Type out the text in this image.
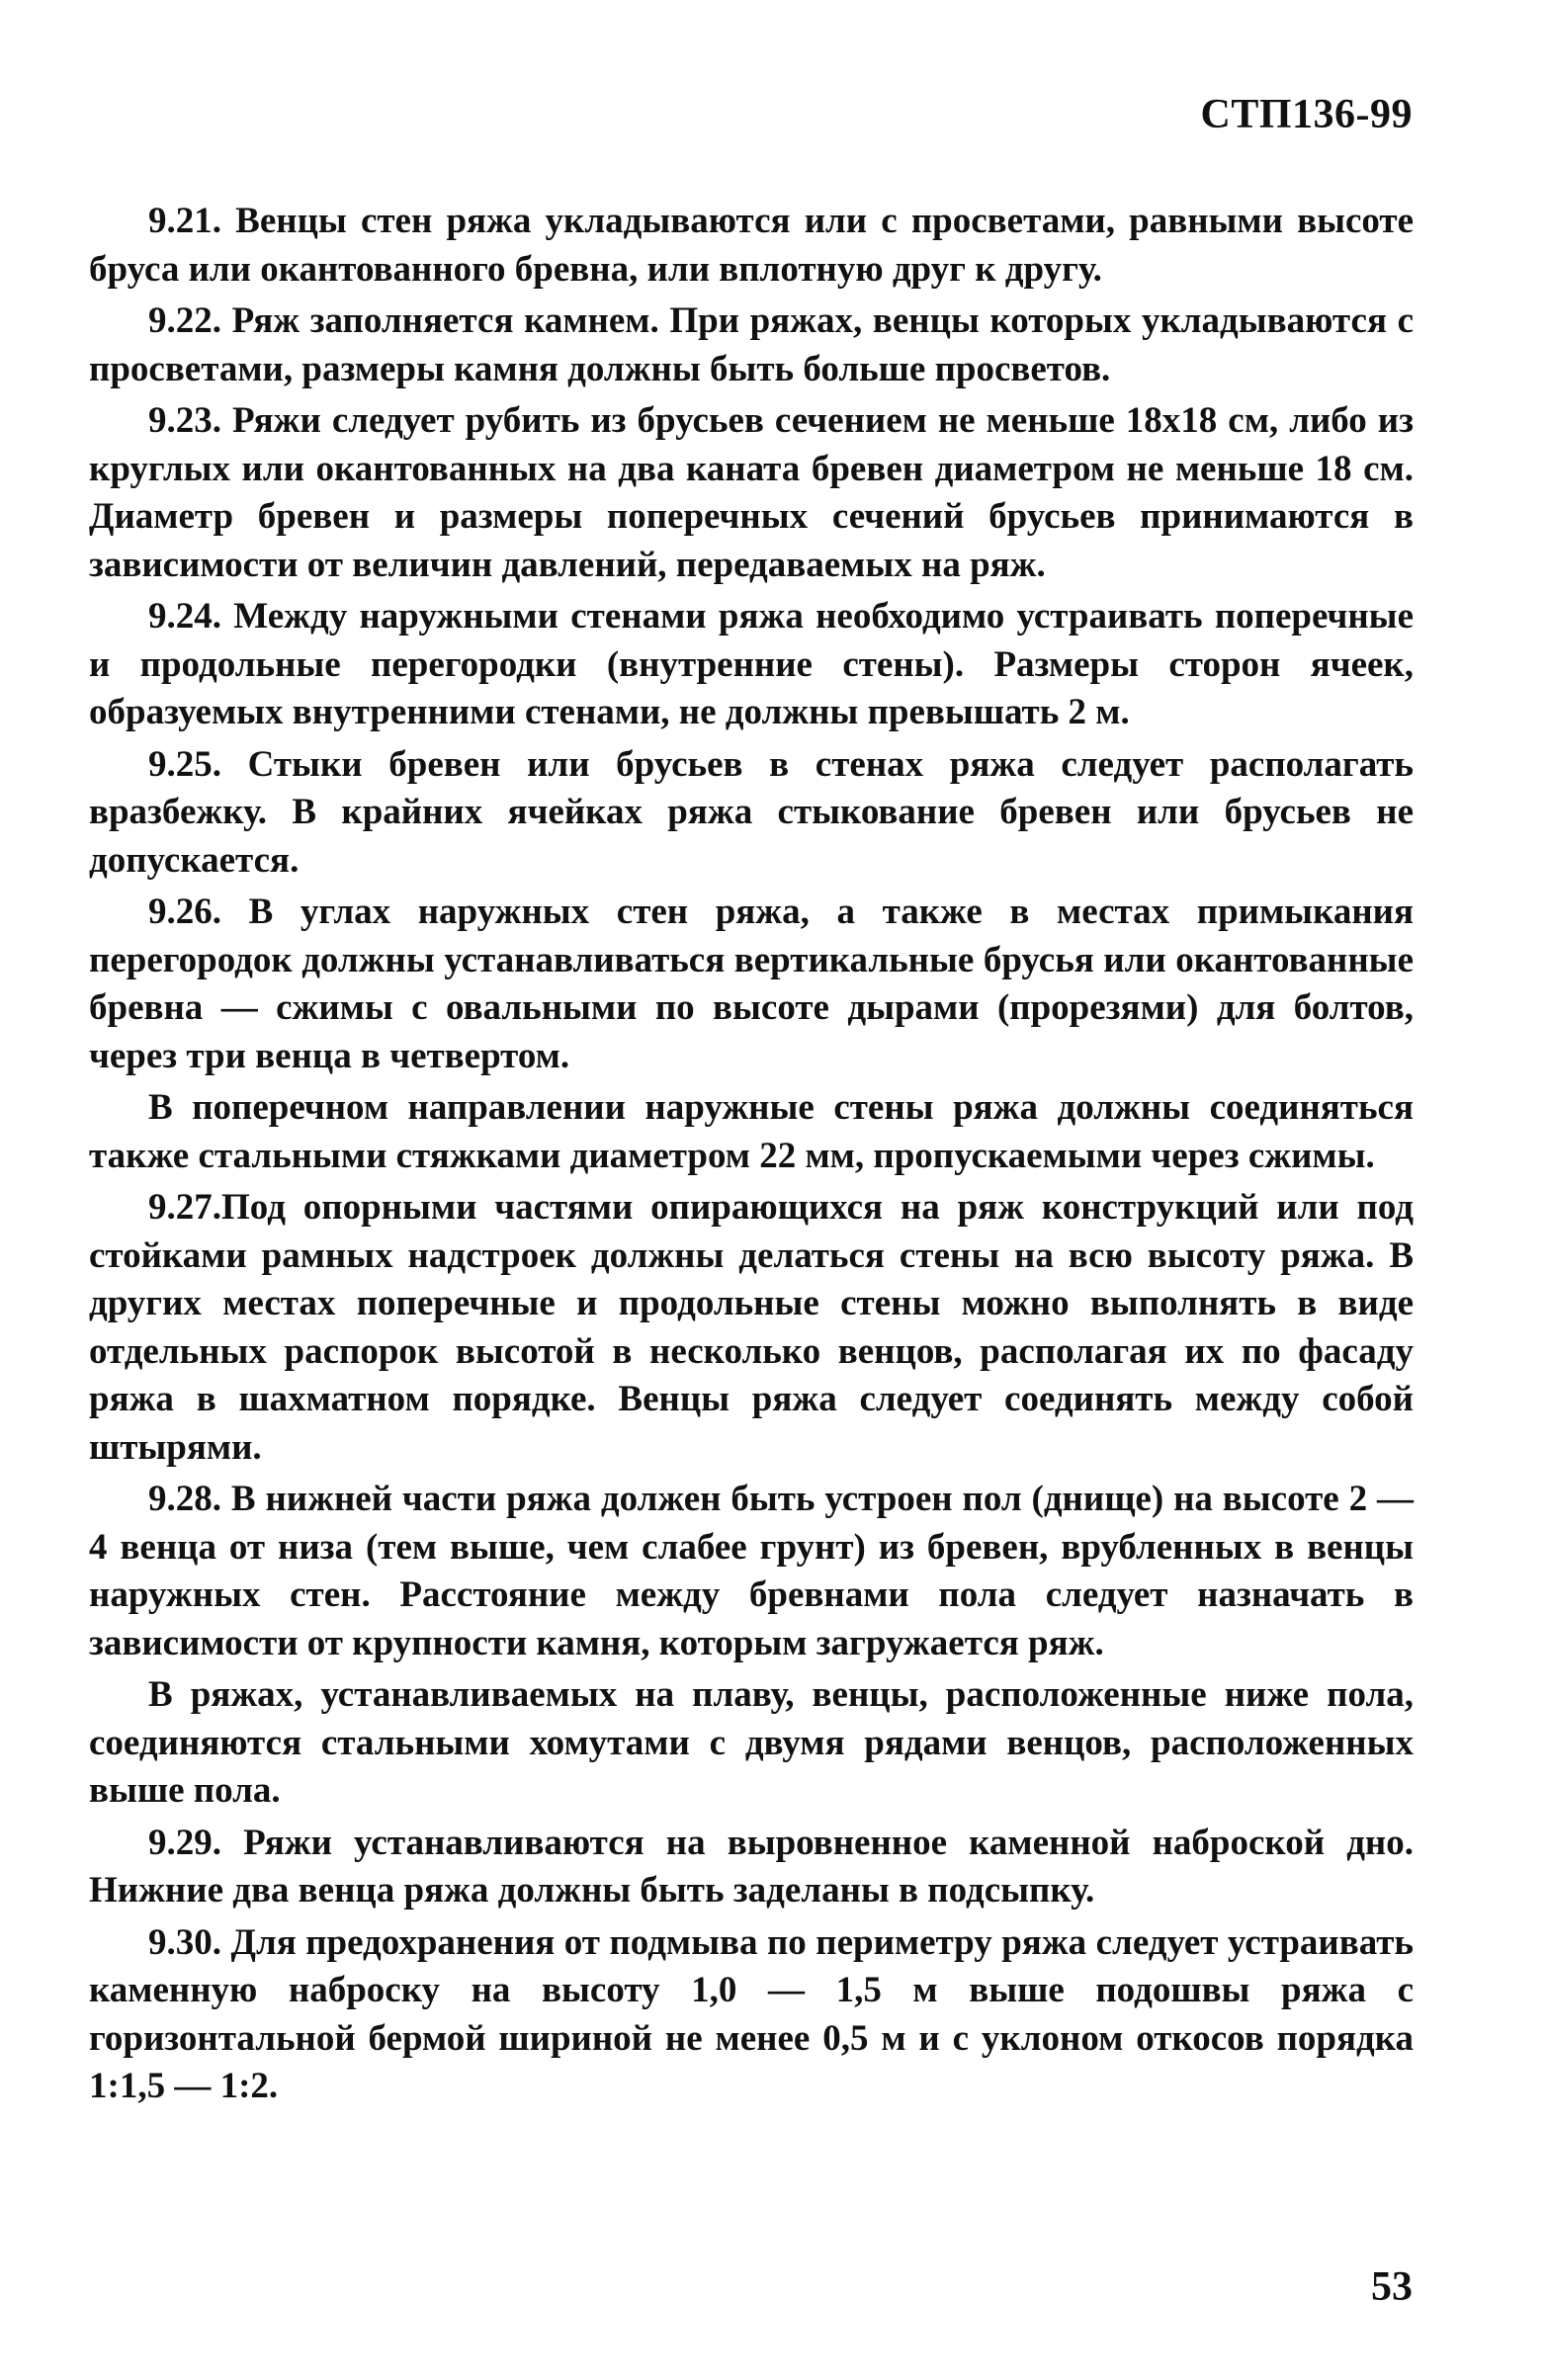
СТП136-99

9.21. Венцы стен ряжа укладываются или с просветами, равными высоте бруса или окантованного бревна, или вплотную друг к другу.

9.22. Ряж заполняется камнем. При ряжах, венцы которых укладываются с просветами, размеры камня должны быть больше просветов.

9.23. Ряжи следует рубить из брусьев сечением не меньше 18х18 см, либо из круглых или окантованных на два каната бревен диаметром не меньше 18 см. Диаметр бревен и размеры поперечных сечений брусьев принимаются в зависимости от величин давлений, передаваемых на ряж.

9.24. Между наружными стенами ряжа необходимо устраивать поперечные и продольные перегородки (внутренние стены). Размеры сторон ячеек, образуемых внутренними стенами, не должны превышать 2 м.

9.25. Стыки бревен или брусьев в стенах ряжа следует располагать вразбежку. В крайних ячейках ряжа стыкование бревен или брусьев не допускается.

9.26. В углах наружных стен ряжа, а также в местах примыкания перегородок должны устанавливаться вертикальные брусья или окантованные бревна — сжимы с овальными по высоте дырами (прорезями) для болтов, через три венца в четвертом.

В поперечном направлении наружные стены ряжа должны соединяться также стальными стяжками диаметром 22 мм, пропускаемыми через сжимы.

9.27.Под опорными частями опирающихся на ряж конструкций или под стойками рамных надстроек должны делаться стены на всю высоту ряжа. В других местах поперечные и продольные стены можно выполнять в виде отдельных распорок высотой в несколько венцов, располагая их по фасаду ряжа в шахматном порядке. Венцы ряжа следует соединять между собой штырями.

9.28. В нижней части ряжа должен быть устроен пол (днище) на высоте 2 — 4 венца от низа (тем выше, чем слабее грунт) из бревен, врубленных в венцы наружных стен. Расстояние между бревнами пола следует назначать в зависимости от крупности камня, которым загружается ряж.

В ряжах, устанавливаемых на плаву, венцы, расположенные ниже пола, соединяются стальными хомутами с двумя рядами венцов, расположенных выше пола.

9.29. Ряжи устанавливаются на выровненное каменной наброской дно. Нижние два венца ряжа должны быть заделаны в подсыпку.

9.30. Для предохранения от подмыва по периметру ряжа следует устраивать каменную наброску на высоту 1,0 — 1,5 м выше подошвы ряжа с горизонтальной бермой шириной не менее 0,5 м и с уклоном откосов порядка 1:1,5 — 1:2.

53
